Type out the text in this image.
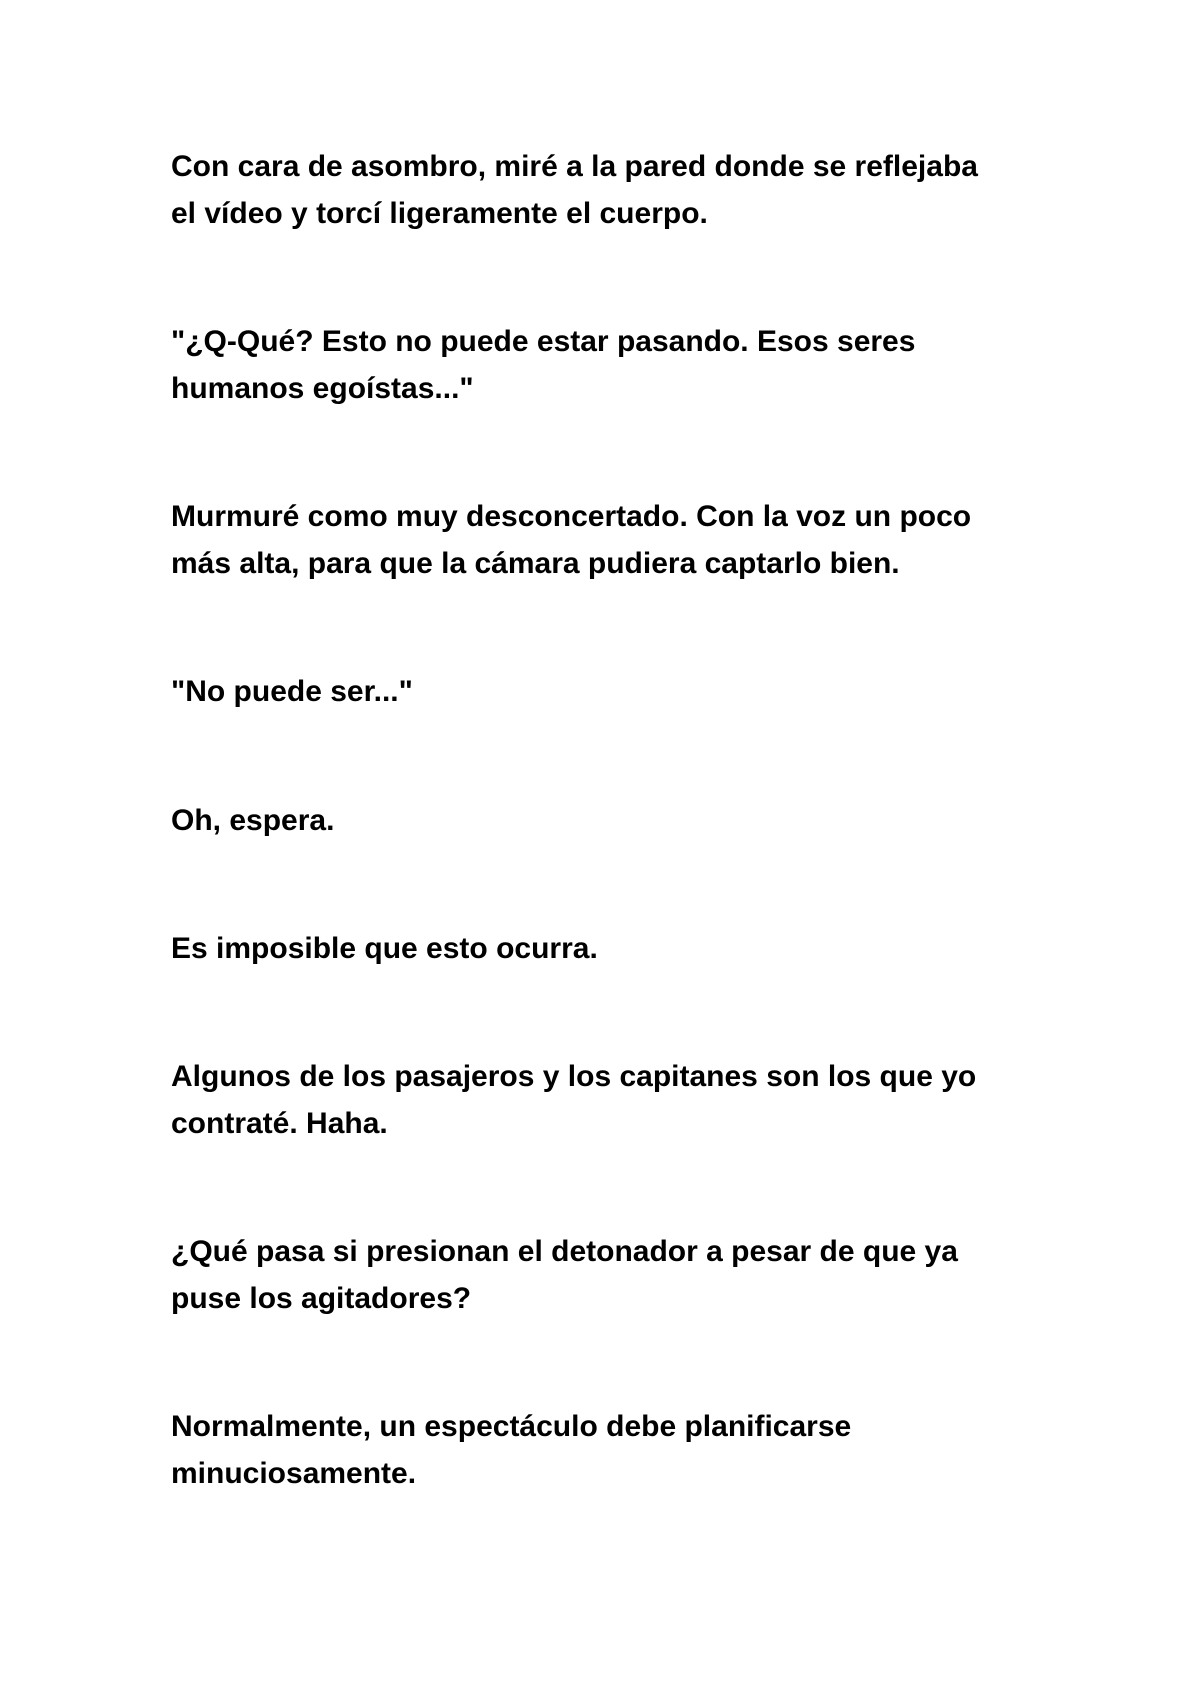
Con cara de asombro, miré a la pared donde se reflejaba
el vídeo y torcí ligeramente el cuerpo.

"¿Q-Qué? Esto no puede estar pasando. Esos seres
humanos egoístas..."

Murmuré como muy desconcertado. Con la voz un poco
más alta, para que la cámara pudiera captarlo bien.

"No puede ser..."

Oh, espera.

Es imposible que esto ocurra.

Algunos de los pasajeros y los capitanes son los que yo
contraté. Haha.

¿Qué pasa si presionan el detonador a pesar de que ya
puse los agitadores?

Normalmente, un espectáculo debe planificarse
minuciosamente.
